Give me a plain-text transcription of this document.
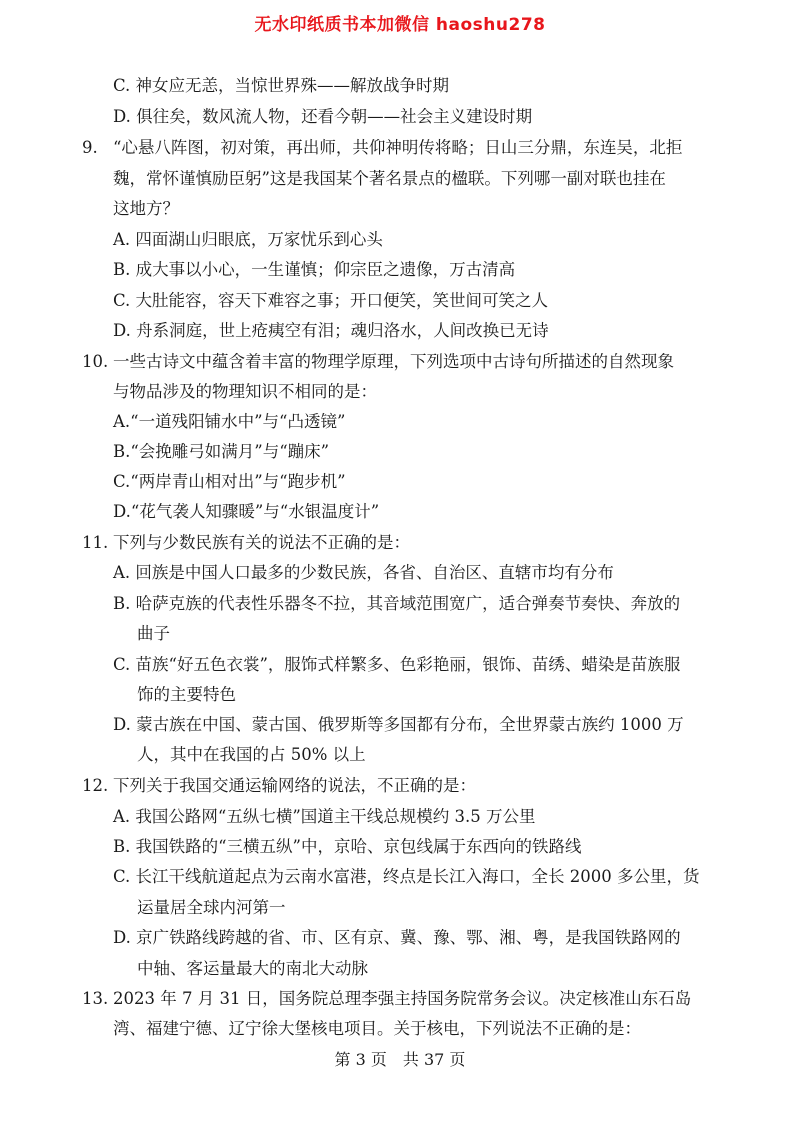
无水印纸质书本加微信 haoshu278
C. 神女应无恙，当惊世界殊——解放战争时期
D. 俱往矣，数风流人物，还看今朝——社会主义建设时期
9. “心悬八阵图，初对策，再出师，共仰神明传将略；日山三分鼎，东连吴，北拒
魏，常怀谨慎励臣躬”这是我国某个著名景点的楹联。下列哪一副对联也挂在
这地方？
A. 四面湖山归眼底，万家忧乐到心头
B. 成大事以小心，一生谨慎；仰宗臣之遗像，万古清高
C. 大肚能容，容天下难容之事；开口便笑，笑世间可笑之人
D. 舟系洞庭，世上疮痍空有泪；魂归洛水，人间改换已无诗
10. 一些古诗文中蕴含着丰富的物理学原理，下列选项中古诗句所描述的自然现象
与物品涉及的物理知识不相同的是：
A.“一道残阳铺水中”与“凸透镜”
B.“会挽雕弓如满月”与“蹦床”
C.“两岸青山相对出”与“跑步机”
D.“花气袭人知骤暖”与“水银温度计”
11. 下列与少数民族有关的说法不正确的是：
A. 回族是中国人口最多的少数民族，各省、自治区、直辖市均有分布
B. 哈萨克族的代表性乐器冬不拉，其音域范围宽广，适合弹奏节奏快、奔放的
曲子
C. 苗族“好五色衣裳”，服饰式样繁多、色彩艳丽，银饰、苗绣、蜡染是苗族服
饰的主要特色
D. 蒙古族在中国、蒙古国、俄罗斯等多国都有分布，全世界蒙古族约 1000 万
人，其中在我国的占 50% 以上
12. 下列关于我国交通运输网络的说法，不正确的是：
A. 我国公路网“五纵七横”国道主干线总规模约 3.5 万公里
B. 我国铁路的“三横五纵”中，京哈、京包线属于东西向的铁路线
C. 长江干线航道起点为云南水富港，终点是长江入海口，全长 2000 多公里，货
运量居全球内河第一
D. 京广铁路线跨越的省、市、区有京、冀、豫、鄂、湘、粤，是我国铁路网的
中轴、客运量最大的南北大动脉
13. 2023 年 7 月 31 日，国务院总理李强主持国务院常务会议。决定核准山东石岛
湾、福建宁德、辽宁徐大堡核电项目。关于核电，下列说法不正确的是：
第 3 页　共 37 页
